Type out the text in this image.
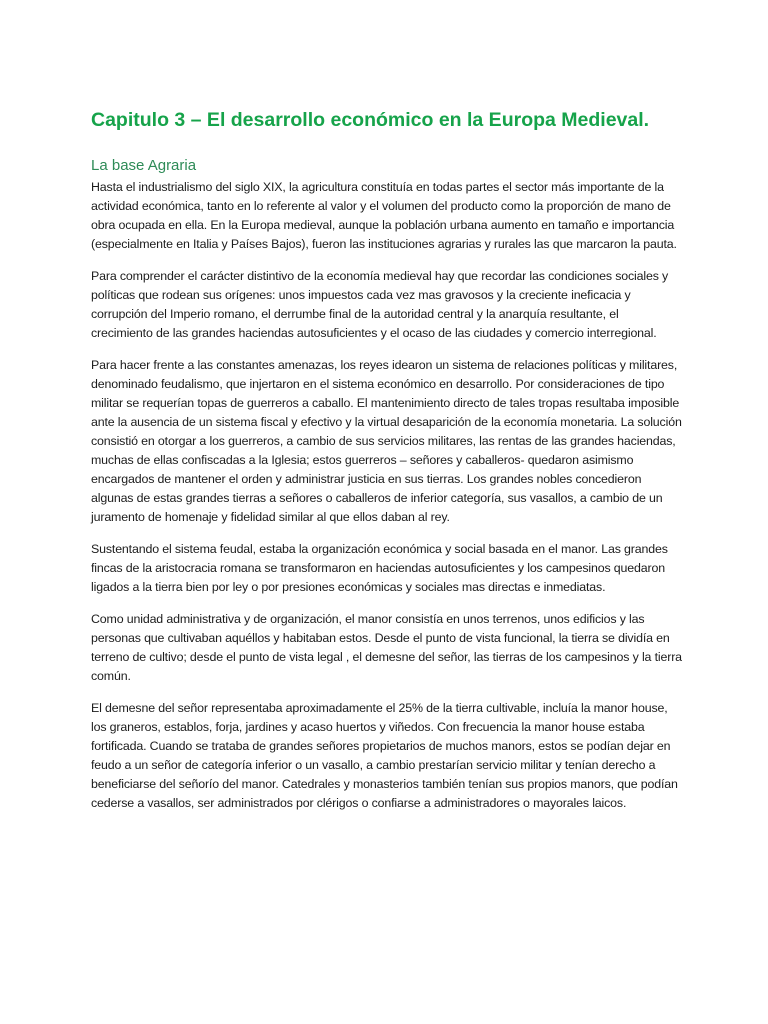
Capitulo 3 – El desarrollo económico en la Europa Medieval.
La base Agraria

Hasta el industrialismo del siglo XIX, la agricultura constituía en todas partes el sector más importante de la actividad económica, tanto en lo referente al valor y el volumen del producto como la proporción de mano de obra ocupada en ella. En la Europa medieval, aunque la población urbana aumento en tamaño e importancia (especialmente en Italia y Países Bajos), fueron las instituciones agrarias y rurales las que marcaron la pauta.

Para comprender el carácter distintivo de la economía medieval hay que recordar las condiciones sociales y políticas que rodean sus orígenes: unos impuestos cada vez mas gravosos y la creciente ineficacia y corrupción del Imperio romano, el derrumbe final de la autoridad central y la anarquía resultante, el crecimiento de las grandes haciendas autosuficientes y el ocaso de las ciudades y comercio interregional.

Para hacer frente a las constantes amenazas, los reyes idearon un sistema de relaciones políticas y militares, denominado feudalismo, que injertaron en el sistema económico en desarrollo. Por consideraciones de tipo militar se requerían topas de guerreros a caballo. El mantenimiento directo de tales tropas resultaba imposible ante la ausencia de un sistema fiscal y efectivo y la virtual desaparición de la economía monetaria. La solución consistió en otorgar a los guerreros, a cambio de sus servicios militares, las rentas de las grandes haciendas, muchas de ellas confiscadas a la Iglesia; estos guerreros – señores y caballeros- quedaron asimismo encargados de mantener el orden y administrar justicia en sus tierras. Los grandes nobles concedieron algunas de estas grandes tierras a señores o caballeros de inferior categoría, sus vasallos, a cambio de un juramento de homenaje y fidelidad similar al que ellos daban al rey.

Sustentando el sistema feudal, estaba la organización económica y social basada en el manor. Las grandes fincas de la aristocracia romana se transformaron en haciendas autosuficientes y los campesinos quedaron ligados a la tierra bien por ley o por presiones económicas y sociales mas directas e inmediatas.

Como unidad administrativa y de organización, el manor consistía en unos terrenos, unos edificios y las personas que cultivaban aquéllos y habitaban estos. Desde el punto de vista funcional, la tierra se dividía en terreno de cultivo; desde el punto de vista legal , el demesne del señor, las tierras de los campesinos y la tierra común.

El demesne del señor representaba aproximadamente el 25% de la tierra cultivable, incluía la manor house, los graneros, establos, forja, jardines y acaso huertos y viñedos. Con frecuencia la manor house estaba fortificada. Cuando se trataba de grandes señores propietarios de muchos manors, estos se podían dejar en feudo a un señor de categoría inferior o un vasallo, a cambio prestarían servicio militar y tenían derecho a beneficiarse del señorío del manor. Catedrales y monasterios también tenían sus propios manors, que podían cederse a vasallos, ser administrados por clérigos o confiarse a administradores o mayorales laicos.
